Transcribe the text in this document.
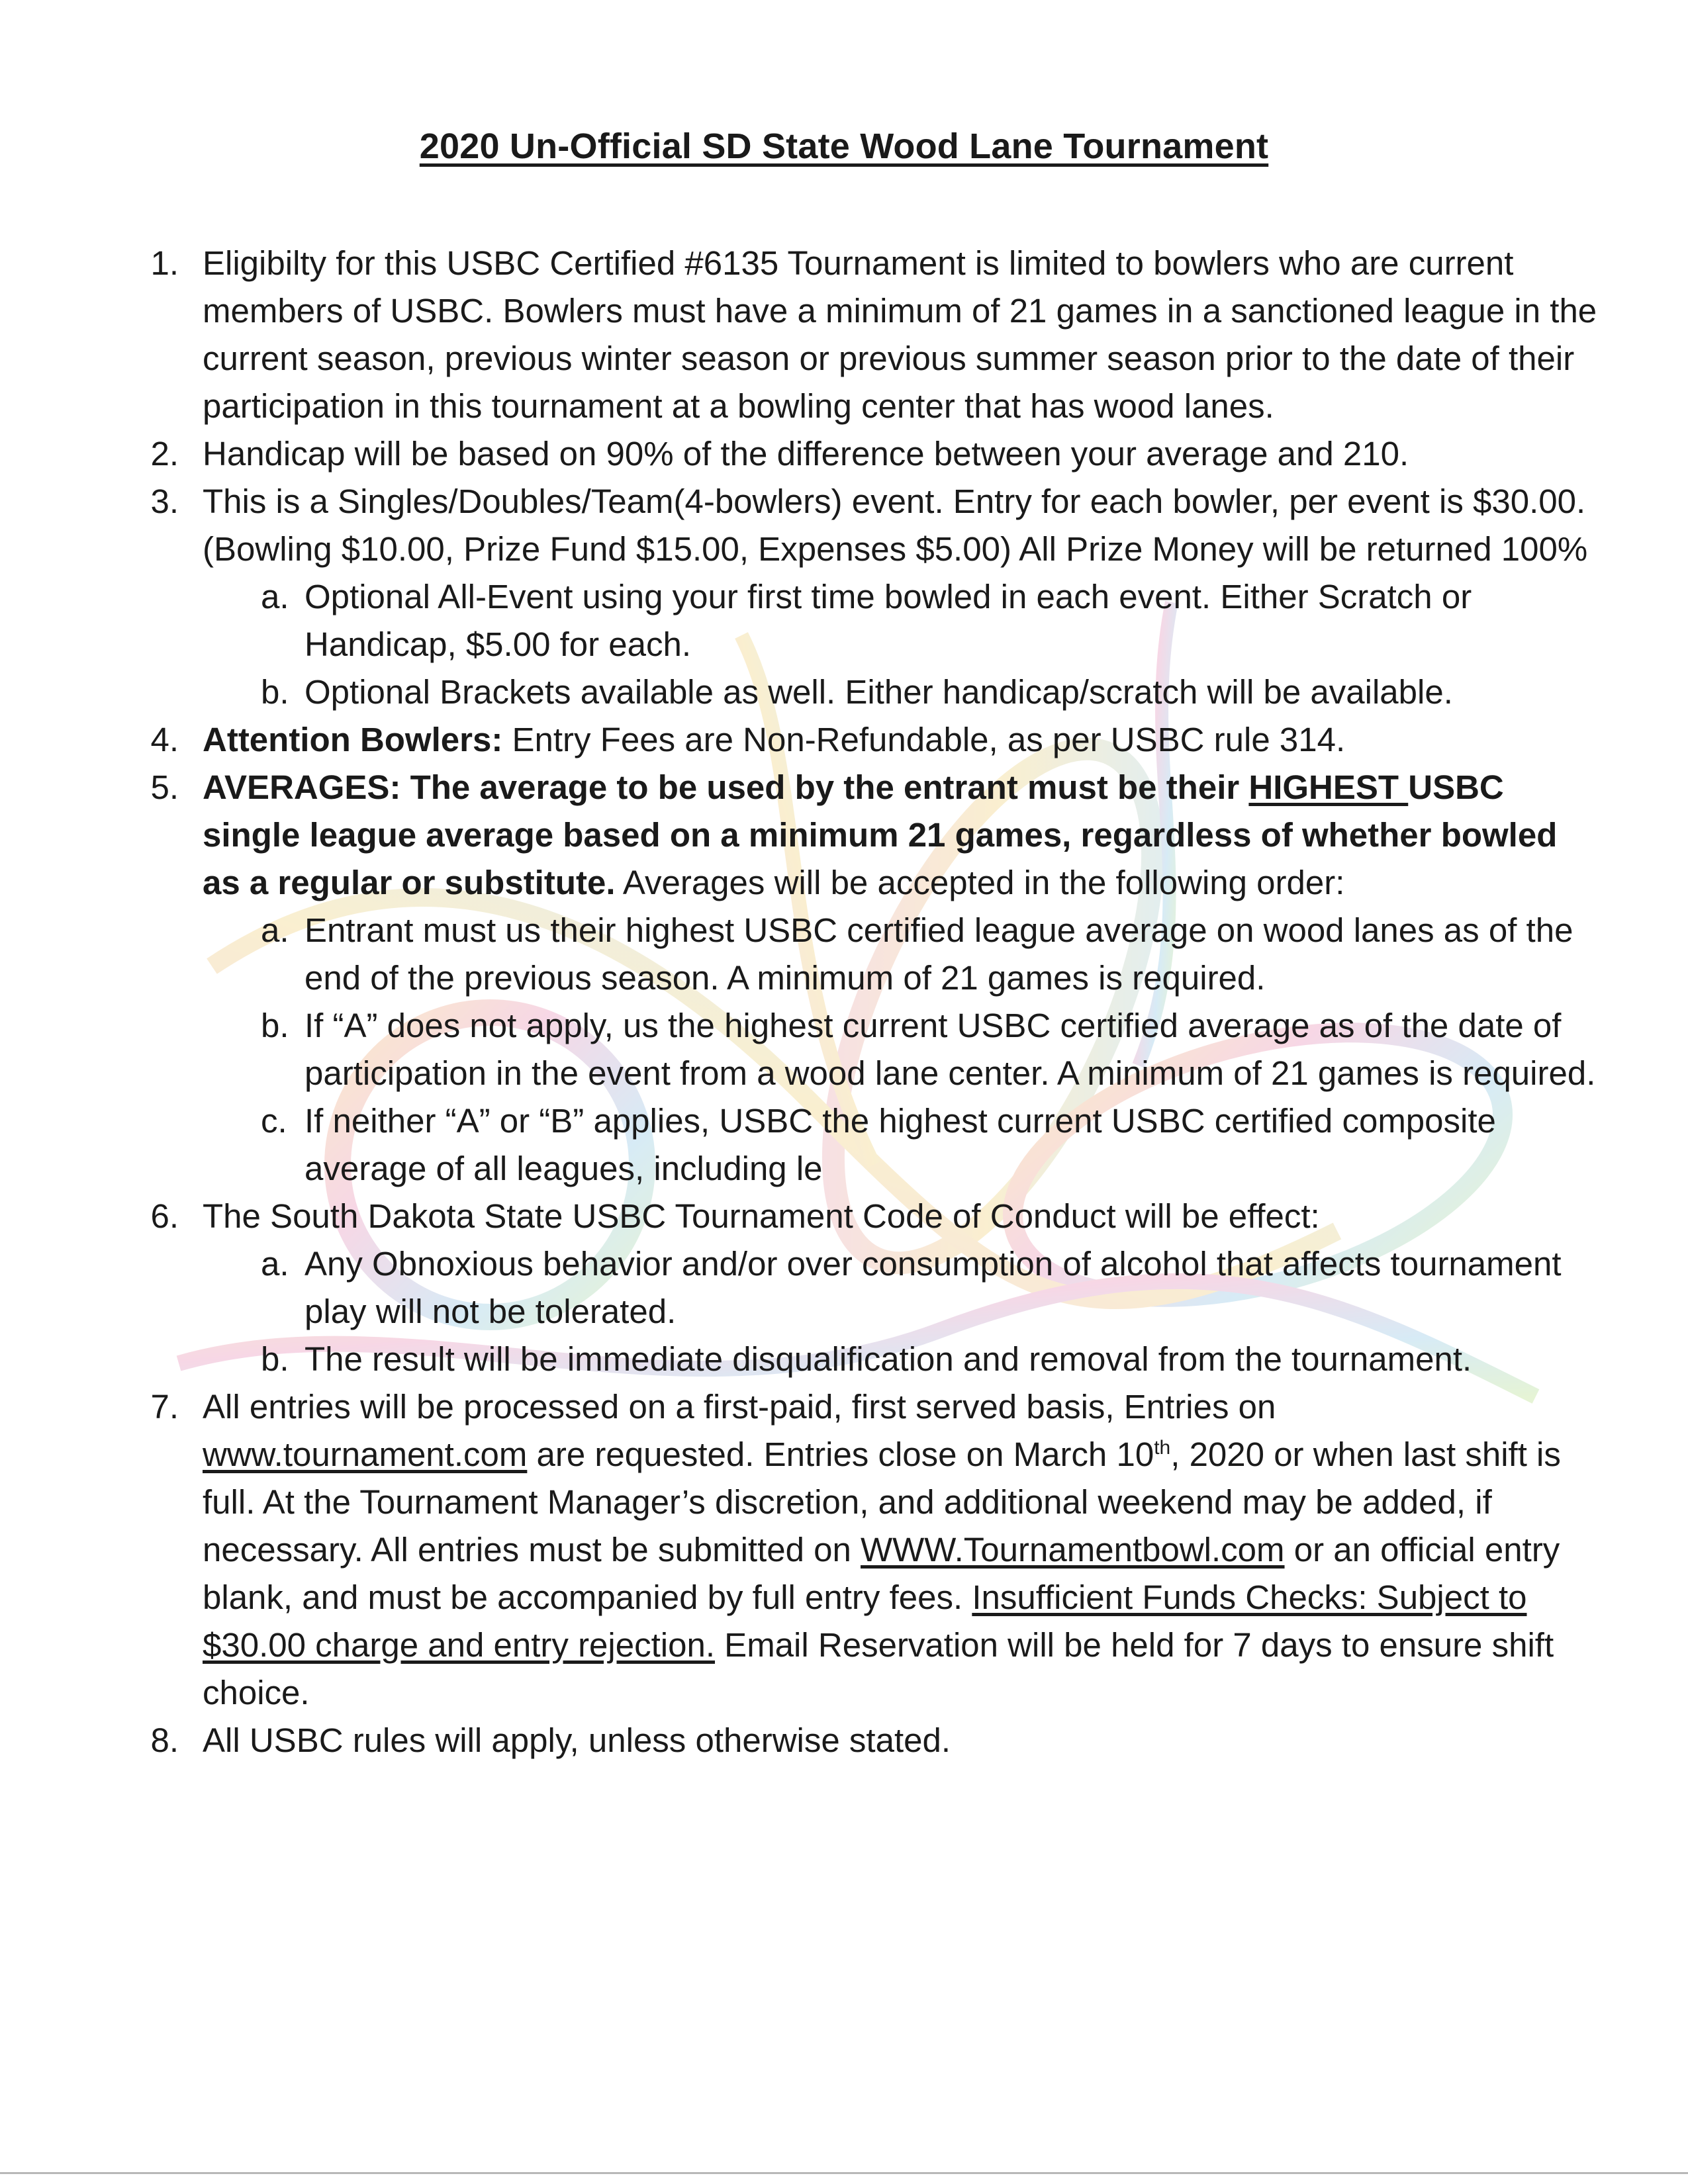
2020 Un-Official SD State Wood Lane Tournament
Eligibilty for this USBC Certified #6135 Tournament is limited to bowlers who are current members of USBC. Bowlers must have a minimum of 21 games in a sanctioned league in the current season, previous winter season or previous summer season prior to the date of their participation in this tournament at a bowling center that has wood lanes.
Handicap will be based on 90% of the difference between your average and 210.
This is a Singles/Doubles/Team(4-bowlers) event. Entry for each bowler, per event is $30.00. (Bowling $10.00, Prize Fund $15.00, Expenses $5.00) All Prize Money will be returned 100%
Optional All-Event using your first time bowled in each event. Either Scratch or Handicap, $5.00 for each.
Optional Brackets available as well. Either handicap/scratch will be available.
Attention Bowlers: Entry Fees are Non-Refundable, as per USBC rule 314.
AVERAGES: The average to be used by the entrant must be their HIGHEST USBC single league average based on a minimum 21 games, regardless of whether bowled as a regular or substitute. Averages will be accepted in the following order:
Entrant must us their highest USBC certified league average on wood lanes as of the end of the previous season. A minimum of 21 games is required.
If “A” does not apply, us the highest current USBC certified average as of the date of participation in the event from a wood lane center. A minimum of 21 games is required.
If neither “A” or “B” applies, USBC the highest current USBC certified composite average of all leagues, including le
The South Dakota State USBC Tournament Code of Conduct will be effect:
Any Obnoxious behavior and/or over consumption of alcohol that affects tournament play will not be tolerated.
The result will be immediate disqualification and removal from the tournament.
All entries will be processed on a first-paid, first served basis, Entries on www.tournament.com are requested. Entries close on March 10th, 2020 or when last shift is full. At the Tournament Manager’s discretion, and additional weekend may be added, if necessary. All entries must be submitted on WWW.Tournamentbowl.com or an official entry blank, and must be accompanied by full entry fees. Insufficient Funds Checks: Subject to $30.00 charge and entry rejection. Email Reservation will be held for 7 days to ensure shift choice.
All USBC rules will apply, unless otherwise stated.
